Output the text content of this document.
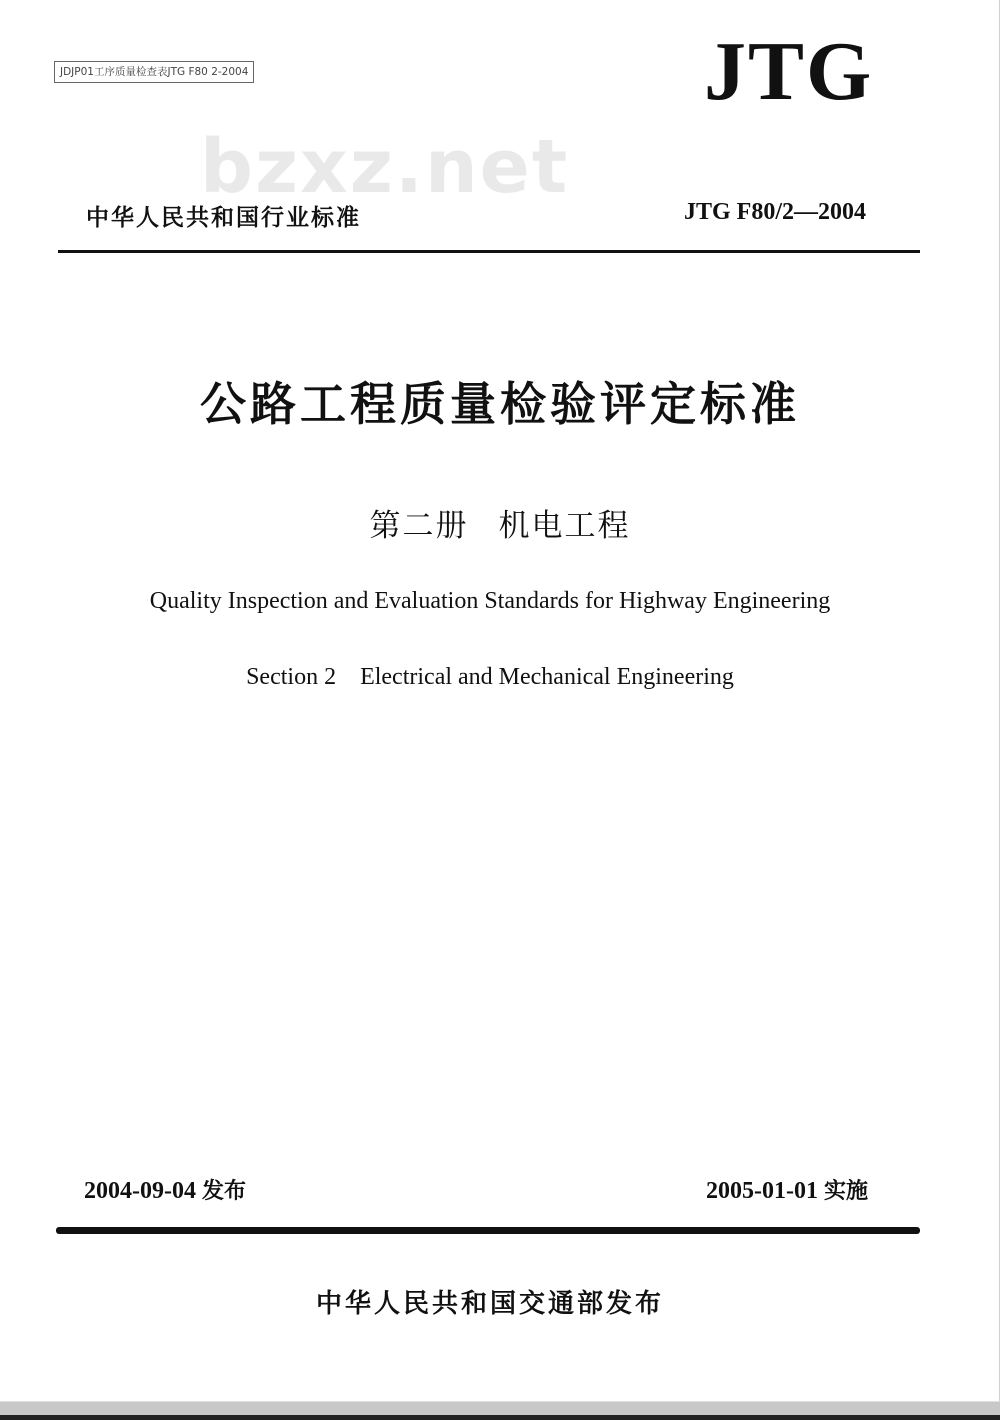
JDJP01工序质量检查表JTG F80 2-2004	JTG
bzxz.net
中华人民共和国行业标准	JTG F80/2—2004
公路工程质量检验评定标准
第二册 机电工程
Quality Inspection and Evaluation Standards for Highway Engineering
Section 2 Electrical and Mechanical Engineering
2004-09-04 发布	2005-01-01 实施
中华人民共和国交通部发布
